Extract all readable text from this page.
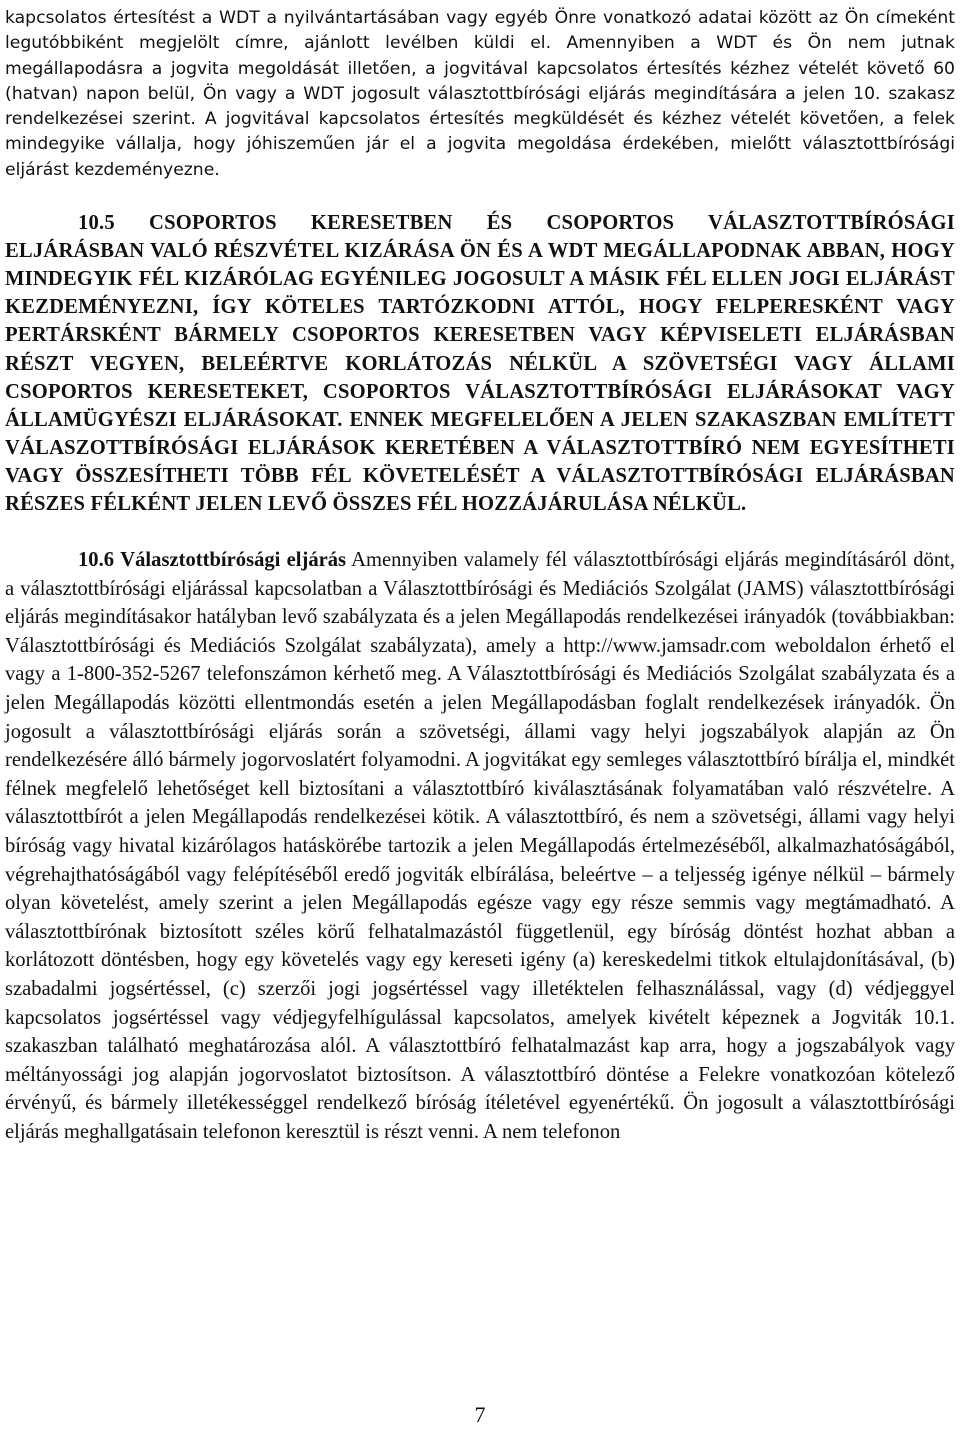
kapcsolatos értesítést a WDT a nyilvántartásában vagy egyéb Önre vonatkozó adatai között az Ön címeként legutóbbiként megjelölt címre, ajánlott levélben küldi el. Amennyiben a WDT és Ön nem jutnak megállapodásra a jogvita megoldását illetően, a jogvitával kapcsolatos értesítés kézhez vételét követő 60 (hatvan) napon belül, Ön vagy a WDT jogosult választottbírósági eljárás megindítására a jelen 10. szakasz rendelkezései szerint. A jogvitával kapcsolatos értesítés megküldését és kézhez vételét követően, a felek mindegyike vállalja, hogy jóhiszeműen jár el a jogvita megoldása érdekében, mielőtt választottbírósági eljárást kezdeményezne.

10.5 CSOPORTOS KERESETBEN ÉS CSOPORTOS VÁLASZTOTTBÍRÓSÁGI ELJÁRÁSBAN VALÓ RÉSZVÉTEL KIZÁRÁSA ÖN ÉS A WDT MEGÁLLAPODNAK ABBAN, HOGY MINDEGYIK FÉL KIZÁRÓLAG EGYÉNILEG JOGOSULT A MÁSIK FÉL ELLEN JOGI ELJÁRÁST KEZDEMÉNYEZNI, ÍGY KÖTELES TARTÓZKODNI ATTÓL, HOGY FELPERESKÉNT VAGY PERTÁRSKÉNT BÁRMELY CSOPORTOS KERESETBEN VAGY KÉPVISELETI ELJÁRÁSBAN RÉSZT VEGYEN, BELEÉRTVE KORLÁTOZÁS NÉLKÜL A SZÖVETSÉGI VAGY ÁLLAMI CSOPORTOS KERESETEKET, CSOPORTOS VÁLASZTOTTBÍRÓSÁGI ELJÁRÁSOKAT VAGY ÁLLAMÜGYÉSZI ELJÁRÁSOKAT. ENNEK MEGFELELŐEN A JELEN SZAKASZBAN EMLÍTETT VÁLASZOTTBÍRÓSÁGI ELJÁRÁSOK KERETÉBEN A VÁLASZTOTTBÍRÓ NEM EGYESÍTHETI VAGY ÖSSZESÍTHETI TÖBB FÉL KÖVETELÉSÉT A VÁLASZTOTTBÍRÓSÁGI ELJÁRÁSBAN RÉSZES FÉLKÉNT JELEN LEVŐ ÖSSZES FÉL HOZZÁJÁRULÁSA NÉLKÜL.

10.6 Választottbírósági eljárás Amennyiben valamely fél választottbírósági eljárás megindításáról dönt, a választottbírósági eljárással kapcsolatban a Választottbírósági és Mediációs Szolgálat (JAMS) választottbírósági eljárás megindításakor hatályban levő szabályzata és a jelen Megállapodás rendelkezései irányadók (továbbiakban: Választottbírósági és Mediációs Szolgálat szabályzata), amely a http://www.jamsadr.com weboldalon érhető el vagy a 1-800-352-5267 telefonszámon kérhető meg. A Választottbírósági és Mediációs Szolgálat szabályzata és a jelen Megállapodás közötti ellentmondás esetén a jelen Megállapodásban foglalt rendelkezések irányadók. Ön jogosult a választottbírósági eljárás során a szövetségi, állami vagy helyi jogszabályok alapján az Ön rendelkezésére álló bármely jogorvoslatért folyamodni. A jogvitákat egy semleges választottbíró bírálja el, mindkét félnek megfelelő lehetőséget kell biztosítani a választottbíró kiválasztásának folyamatában való részvételre. A választottbírót a jelen Megállapodás rendelkezései kötik. A választottbíró, és nem a szövetségi, állami vagy helyi bíróság vagy hivatal kizárólagos hatáskörébe tartozik a jelen Megállapodás értelmezéséből, alkalmazhatóságából, végrehajthatóságából vagy felépítéséből eredő jogviták elbírálása, beleértve – a teljesség igénye nélkül – bármely olyan követelést, amely szerint a jelen Megállapodás egésze vagy egy része semmis vagy megtámadható. A választottbírónak biztosított széles körű felhatalmazástól függetlenül, egy bíróság döntést hozhat abban a korlátozott döntésben, hogy egy követelés vagy egy kereseti igény (a) kereskedelmi titkok eltulajdonításával, (b) szabadalmi jogsértéssel, (c) szerzői jogi jogsértéssel vagy illetéktelen felhasználással, vagy (d) védjeggyel kapcsolatos jogsértéssel vagy védjegyfelhígulással kapcsolatos, amelyek kivételt képeznek a Jogviták 10.1. szakaszban található meghatározása alól. A választottbíró felhatalmazást kap arra, hogy a jogszabályok vagy méltányossági jog alapján jogorvoslatot biztosítson. A választottbíró döntése a Felekre vonatkozóan kötelező érvényű, és bármely illetékességgel rendelkező bíróság ítéletével egyenértékű. Ön jogosult a választottbírósági eljárás meghallgatásain telefonon keresztül is részt venni. A nem telefonon

7
